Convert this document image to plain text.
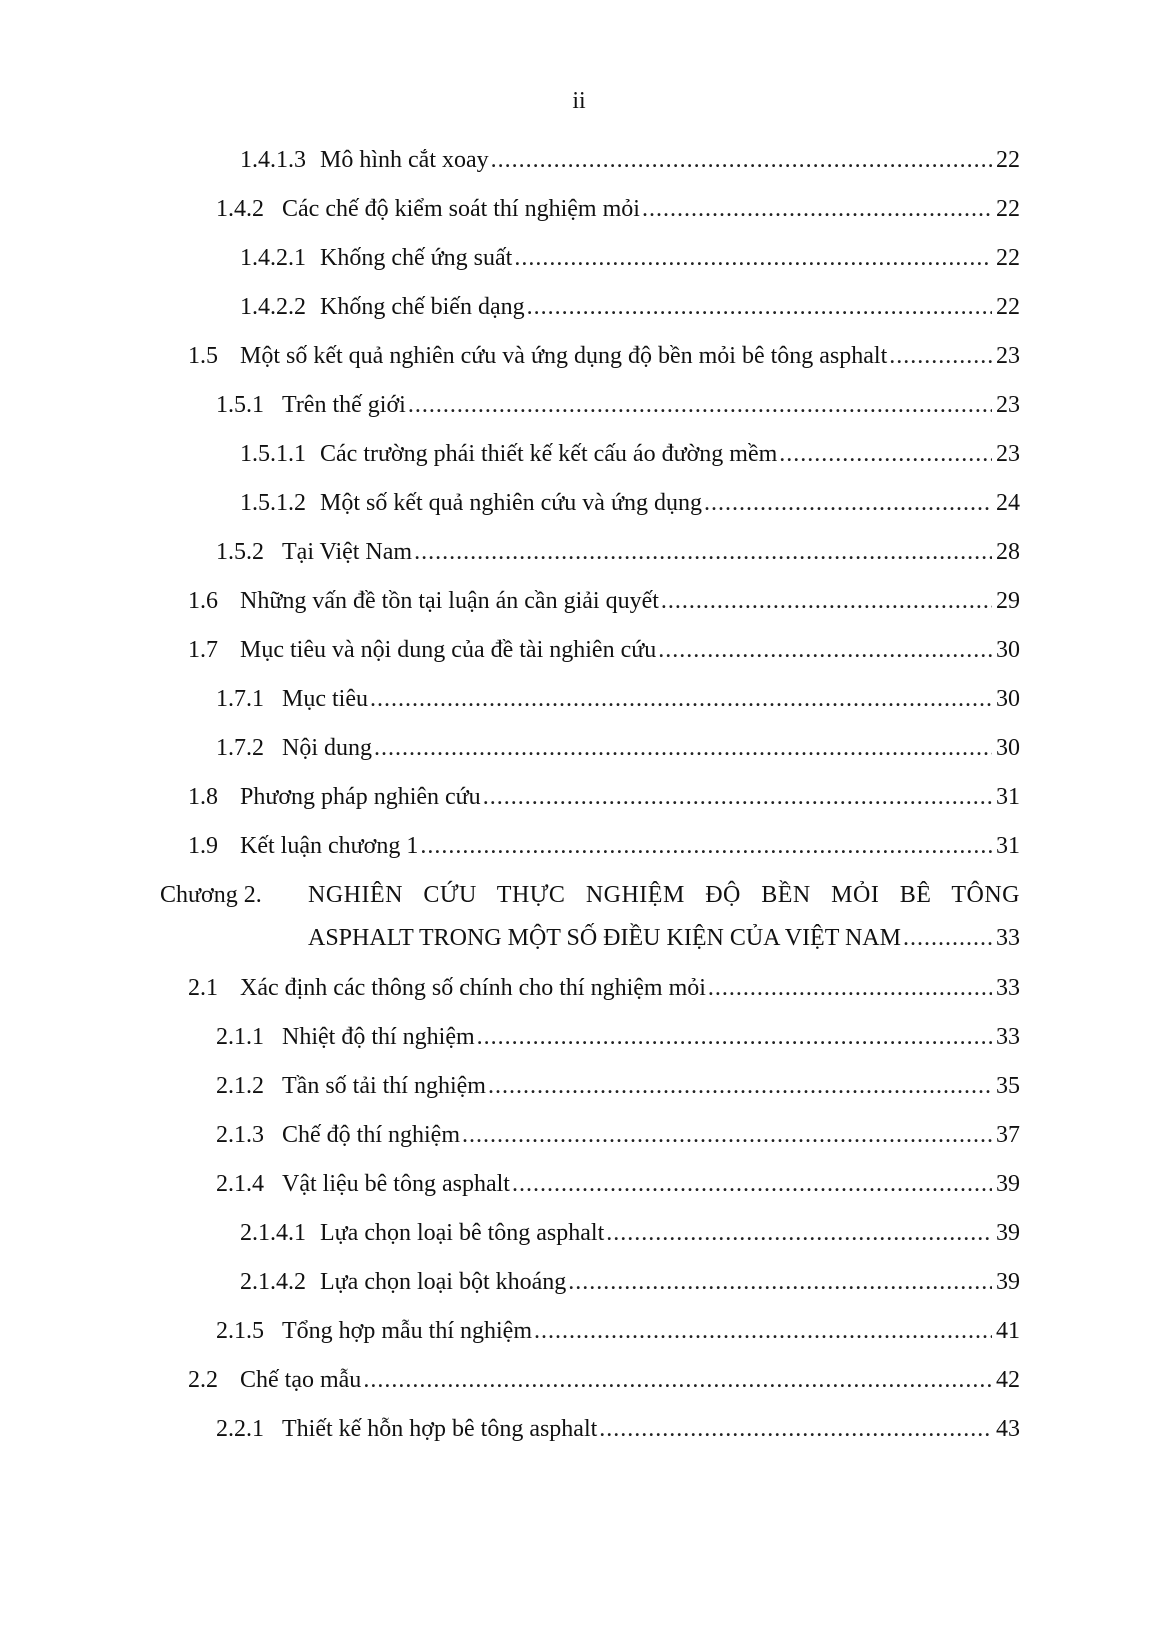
ii
1.4.1.3 Mô hình cắt xoay .....	22
1.4.2 Các chế độ kiểm soát thí nghiệm mỏi .....	22
1.4.2.1 Khống chế ứng suất .....	22
1.4.2.2 Khống chế biến dạng .....	22
1.5 Một số kết quả nghiên cứu và ứng dụng độ bền mỏi bê tông asphalt .....	23
1.5.1 Trên thế giới .....	23
1.5.1.1 Các trường phái thiết kế kết cấu áo đường mềm .....	23
1.5.1.2 Một số kết quả nghiên cứu và ứng dụng .....	24
1.5.2 Tại Việt Nam .....	28
1.6 Những vấn đề tồn tại luận án cần giải quyết .....	29
1.7 Mục tiêu và nội dung của đề tài nghiên cứu .....	30
1.7.1 Mục tiêu .....	30
1.7.2 Nội dung .....	30
1.8 Phương pháp nghiên cứu .....	31
1.9 Kết luận chương 1 .....	31
Chương 2.	NGHIÊN CỨU THỰC NGHIỆM ĐỘ BỀN MỎI BÊ TÔNG
ASPHALT TRONG MỘT SỐ ĐIỀU KIỆN CỦA VIỆT NAM .....	33
2.1 Xác định các thông số chính cho thí nghiệm mỏi .....	33
2.1.1 Nhiệt độ thí nghiệm .....	33
2.1.2 Tần số tải thí nghiệm .....	35
2.1.3 Chế độ thí nghiệm .....	37
2.1.4 Vật liệu bê tông asphalt .....	39
2.1.4.1 Lựa chọn loại bê tông asphalt .....	39
2.1.4.2 Lựa chọn loại bột khoáng .....	39
2.1.5 Tổng hợp mẫu thí nghiệm .....	41
2.2 Chế tạo mẫu .....	42
2.2.1 Thiết kế hỗn hợp bê tông asphalt .....	43
